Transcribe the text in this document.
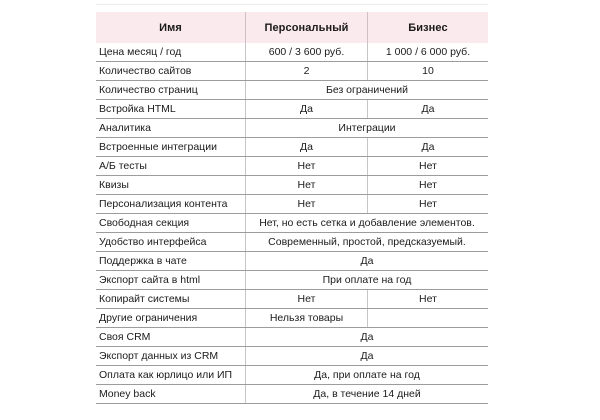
Имя	Персональный	Бизнес
Цена месяц / год	600 / 3 600 руб.	1 000 / 6 000 руб.
Количество сайтов	2	10
Количество страниц	Без ограничений
Встройка HTML	Да	Да
Аналитика	Интеграции
Встроенные интеграции	Да	Да
А/Б тесты	Нет	Нет
Квизы	Нет	Нет
Персонализация контента	Нет	Нет
Свободная секция	Нет, но есть сетка и добавление элементов.
Удобство интерфейса	Современный, простой, предсказуемый.
Поддержка в чате	Да
Экспорт сайта в html	При оплате на год
Копирайт системы	Нет	Нет
Другие ограничения	Нельзя товары
Своя CRM	Да
Экспорт данных из CRM	Да
Оплата как юрлицо или ИП	Да, при оплате на год
Money back	Да, в течение 14 дней
